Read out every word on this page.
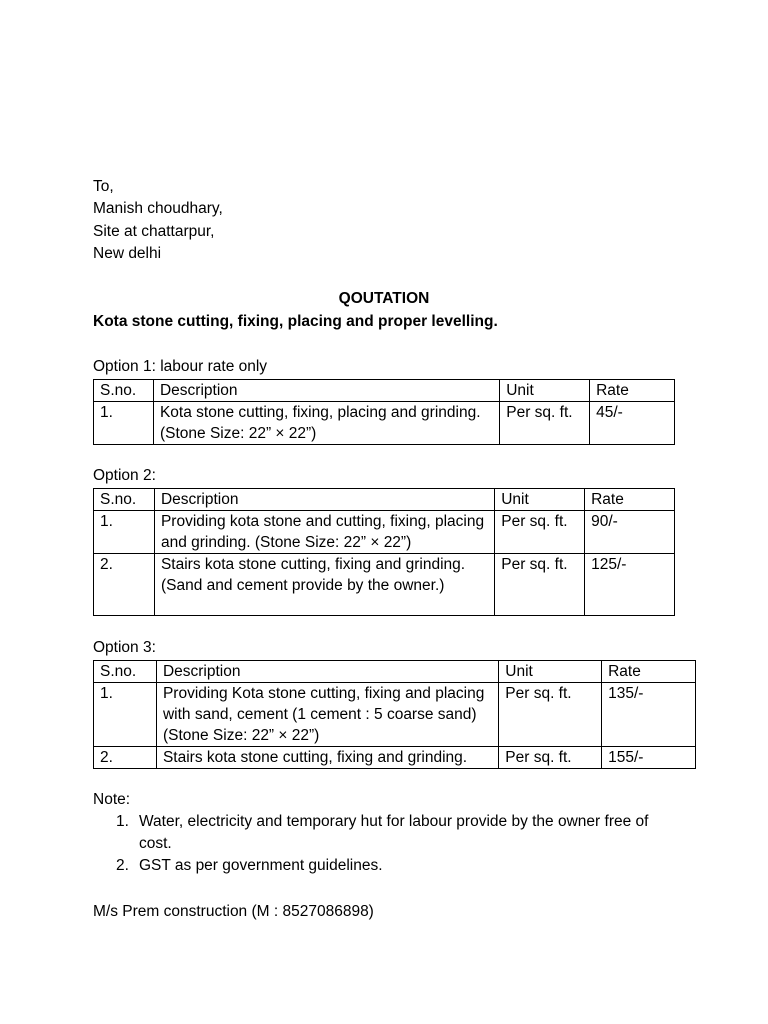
To,
Manish choudhary,
Site at chattarpur,
New delhi
QOUTATION
Kota stone cutting, fixing, placing and proper levelling.
Option 1: labour rate only
S.no.	Description	Unit	Rate
1.	Kota stone cutting, fixing, placing and grinding. (Stone Size: 22” × 22”)	Per sq. ft.	45/-
Option 2:
S.no.	Description	Unit	Rate
1.	Providing kota stone and cutting, fixing, placing and grinding. (Stone Size: 22” × 22”)	Per sq. ft.	90/-
2.	Stairs kota stone cutting, fixing and grinding. (Sand and cement provide by the owner.)	Per sq. ft.	125/-
Option 3:
S.no.	Description	Unit	Rate
1.	Providing Kota stone cutting, fixing and placing with sand, cement (1 cement : 5 coarse sand) (Stone Size: 22” × 22”)	Per sq. ft.	135/-
2.	Stairs kota stone cutting, fixing and grinding.	Per sq. ft.	155/-
Note:
1. Water, electricity and temporary hut for labour provide by the owner free of cost.
2. GST as per government guidelines.
M/s Prem construction (M : 8527086898)
